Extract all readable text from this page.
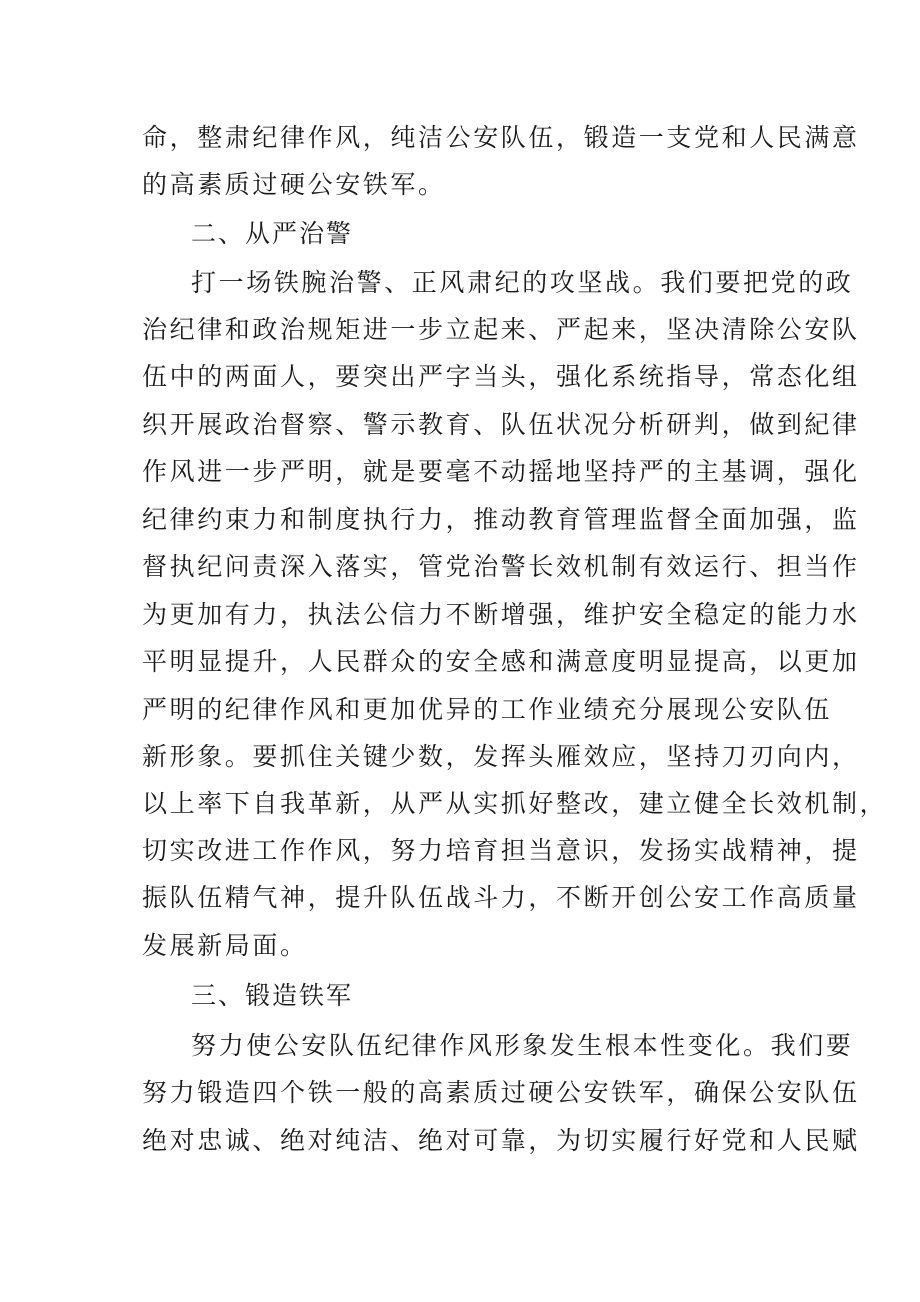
命，整肃纪律作风，纯洁公安队伍，锻造一支党和人民满意
的高素质过硬公安铁军。
二、从严治警
打一场铁腕治警、正风肃纪的攻坚战。我们要把党的政
治纪律和政治规矩进一步立起来、严起来，坚决清除公安队
伍中的两面人，要突出严字当头，强化系统指导，常态化组
织开展政治督察、警示教育、队伍状况分析研判，做到紀律
作风进一步严明，就是要毫不动摇地坚持严的主基调，强化
纪律约束力和制度执行力，推动教育管理监督全面加强，监
督执纪问责深入落实，管党治警长效机制有效运行、担当作
为更加有力，执法公信力不断增强，维护安全稳定的能力水
平明显提升，人民群众的安全感和满意度明显提高，以更加
严明的纪律作风和更加优异的工作业绩充分展现公安队伍
新形象。要抓住关键少数，发挥头雁效应，坚持刀刃向内，
以上率下自我革新，从严从实抓好整改，建立健全长效机制，
切实改进工作作风，努力培育担当意识，发扬实战精神，提
振队伍精气神，提升队伍战斗力，不断开创公安工作高质量
发展新局面。
三、锻造铁军
努力使公安队伍纪律作风形象发生根本性变化。我们要
努力锻造四个铁一般的高素质过硬公安铁军，确保公安队伍
绝对忠诚、绝对纯洁、绝对可靠，为切实履行好党和人民赋
